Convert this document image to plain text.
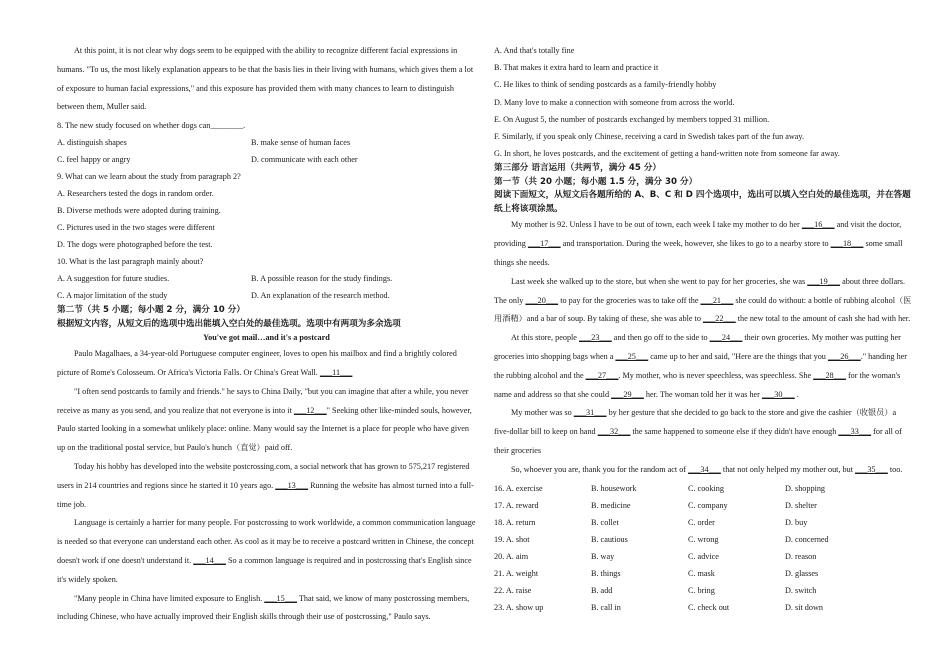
At this point, it is not clear why dogs seem to be equipped with the ability to recognize different facial expressions in humans. "To us, the most likely explanation appears to be that the basis lies in their living with humans, which gives them a lot of exposure to human facial expressions," and this exposure has provided them with many chances to learn to distinguish between them, Muller said.

8. The new study focused on whether dogs can________.

A. distinguish shapes	B. make sense of human faces
C. feel happy or angry	D. communicate with each other

9. What can we learn about the study from paragraph 2?

A. Researchers tested the dogs in random order.

B. Diverse methods were adopted during training.

C. Pictures used in the two stages were different

D. The dogs were photographed before the test.

10. What is the last paragraph mainly about?

A. A suggestion for future studies.	B. A possible reason for the study findings.
C. A major limitation of the study	D. An explanation of the research method.

第二节（共 5 小题；每小题 2 分，满分 10 分）

根据短文内容，从短文后的选项中选出能填入空白处的最佳选项。选项中有两项为多余选项

You've got mail…and it's a postcard

Paulo Magalhaes, a 34-year-old Portuguese computer engineer, loves to open his mailbox and find a brightly colored picture of Rome's Colosseum. Or Africa's Victoria Falls. Or China's Great Wall. ___11___

"I often send postcards to family and friends." he says to China Daily, "but you can imagine that after a while, you never receive as many as you send, and you realize that not everyone is into it ___12___" Seeking other like-minded souls, however, Paulo started looking in a somewhat unlikely place: online. Many would say the Internet is a place for people who have given up on the traditional postal service, but Paulo's hunch（直觉）paid off.

Today his hobby has developed into the website postcrossing.com, a social network that has grown to 575,217 registered users in 214 countries and regions since he started it 10 years ago. ___13___ Running the website has almost turned into a full-time job.

Language is certainly a harrier for many people. For postcrossing to work worldwide, a common communication language is needed so that everyone can understand each other. As cool as it may be to receive a postcard written in Chinese, the concept doesn't work if one doesn't understand it. ___14___ So a common language is required and in postcrossing that's English since it's widely spoken.

"Many people in China have limited exposure to English. ___15___ That said, we know of many postcrossing members, including Chinese, who have actually improved their English skills through their use of postcrossing," Paulo says.

A. And that's totally fine

B. That makes it extra hard to learn and practice it

C. He likes to think of sending postcards as a family-friendly hobby

D. Many love to make a connection with someone from across the world.

E. On August 5, the number of postcards exchanged by members topped 31 million.

F. Similarly, if you speak only Chinese, receiving a card in Swedish takes part of the fun away.

G. In short, he loves postcards, and the excitement of getting a hand-written note from someone far away.

第三部分 语言运用（共两节，满分 45 分）

第一节（共 20 小题；每小题 1.5 分，满分 30 分）

阅读下面短文，从短文后各题所给的 A、B、C 和 D 四个选项中，选出可以填入空白处的最佳选项，并在答题纸上将该项涂黑。

My mother is 92. Unless I have to be out of town, each week I take my mother to do her ___16___ and visit the doctor, providing ___17___ and transportation. During the week, however, she likes to go to a nearby store to ___18___ some small things she needs.

Last week she walked up to the store, but when she went to pay for her groceries, she was ___19___ about three dollars. The only ___20___ to pay for the groceries was to take off the ___21___ she could do without: a bottle of rubbing alcohol（医用酒精）and a bar of soup. By taking of these, she was able to ___22___ the new total to the amount of cash she had with her.

At this store, people ___23___ and then go off to the side to ___24___ their own groceries. My mother was putting her groceries into shopping bags when a ___25___ came up to her and said, "Here are the things that you ___26___." handing her the rubbing alcohol and the ___27___. My mother, who is never speechless, was speechless. She ___28___ for the woman's name and address so that she could ___29___ her. The woman told her it was her ___30___ .

My mother was so ___31___ by her gesture that she decided to go back to the store and give the cashier（收银员）a five-dollar bill to keep on hand ___32___ the same happened to someone else if they didn't have enough ___33___ for all of their groceries

So, whoever you are, thank you for the random act of ___34___ that not only helped my mother out, but ___35___ too.

16. A. exercise	B. housework	C. cooking	D. shopping
17. A. reward	B. medicine	C. company	D. shelter
18. A. return	B. collet	C. order	D. buy
19. A. shot	B. cautious	C. wrong	D. concerned
20. A. aim	B. way	C. advice	D. reason
21. A. weight	B. things	C. mask	D. glasses
22. A. raise	B. add	C. bring	D. switch
23. A. show up	B. call in	C. check out	D. sit down
